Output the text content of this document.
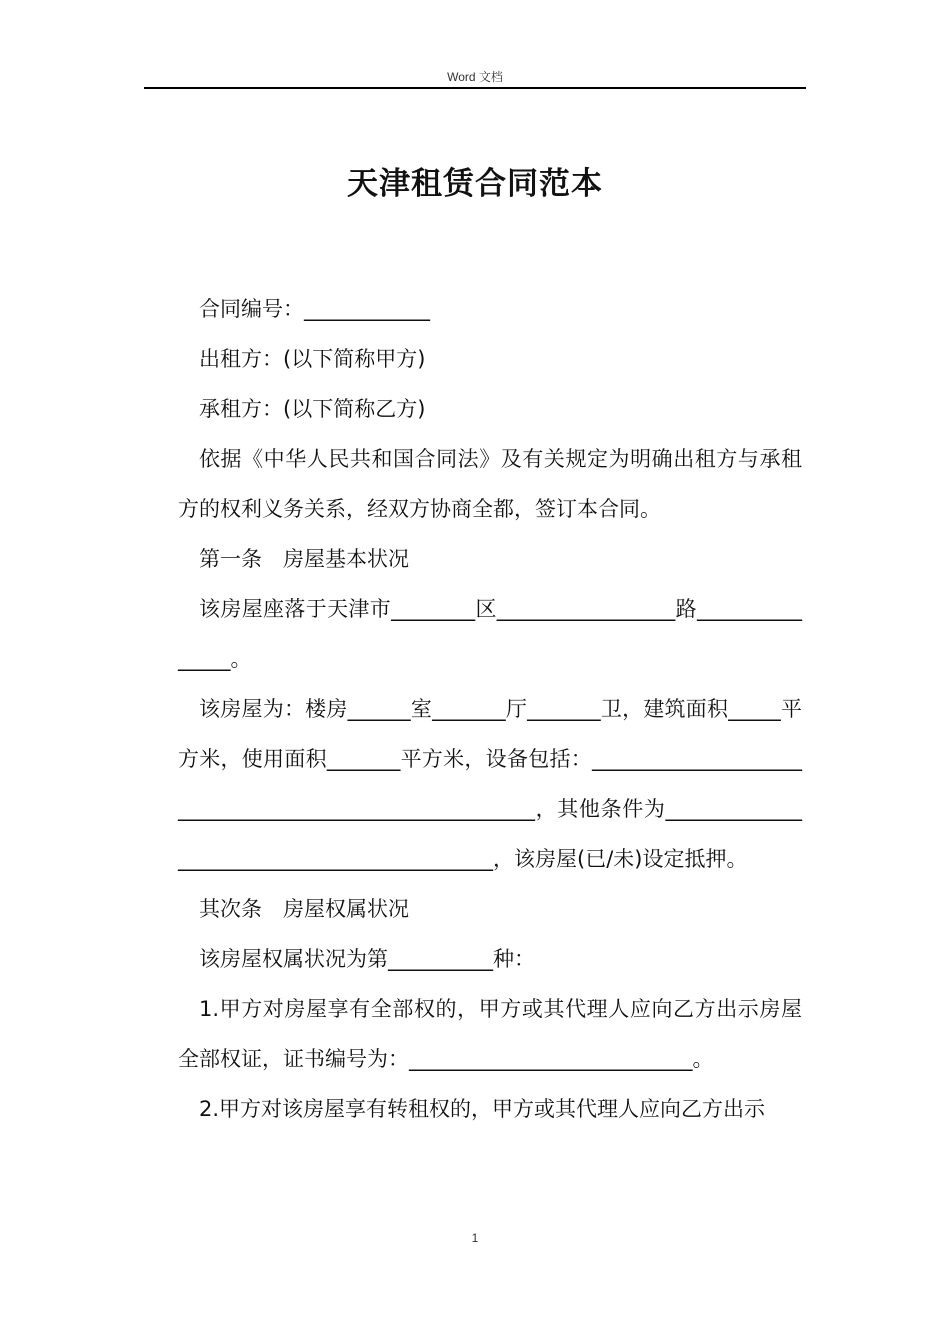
Word 文档
天津租赁合同范本

合同编号：____________

出租方：(以下简称甲方)

承租方：(以下简称乙方)

依据《中华人民共和国合同法》及有关规定为明确出租方与承租方的权利义务关系，经双方协商全都，签订本合同。

第一条　房屋基本状况

该房屋座落于天津市________区_________________路_______________。

该房屋为：楼房______室_______厅_______卫，建筑面积_____平方米，使用面积_______平方米，设备包括：______________________________________________________，其他条件为___________________________________________，该房屋(已/未)设定抵押。

其次条　房屋权属状况

该房屋权属状况为第__________种：

1.甲方对房屋享有全部权的，甲方或其代理人应向乙方出示房屋全部权证，证书编号为：___________________________。

2.甲方对该房屋享有转租权的，甲方或其代理人应向乙方出示

1
